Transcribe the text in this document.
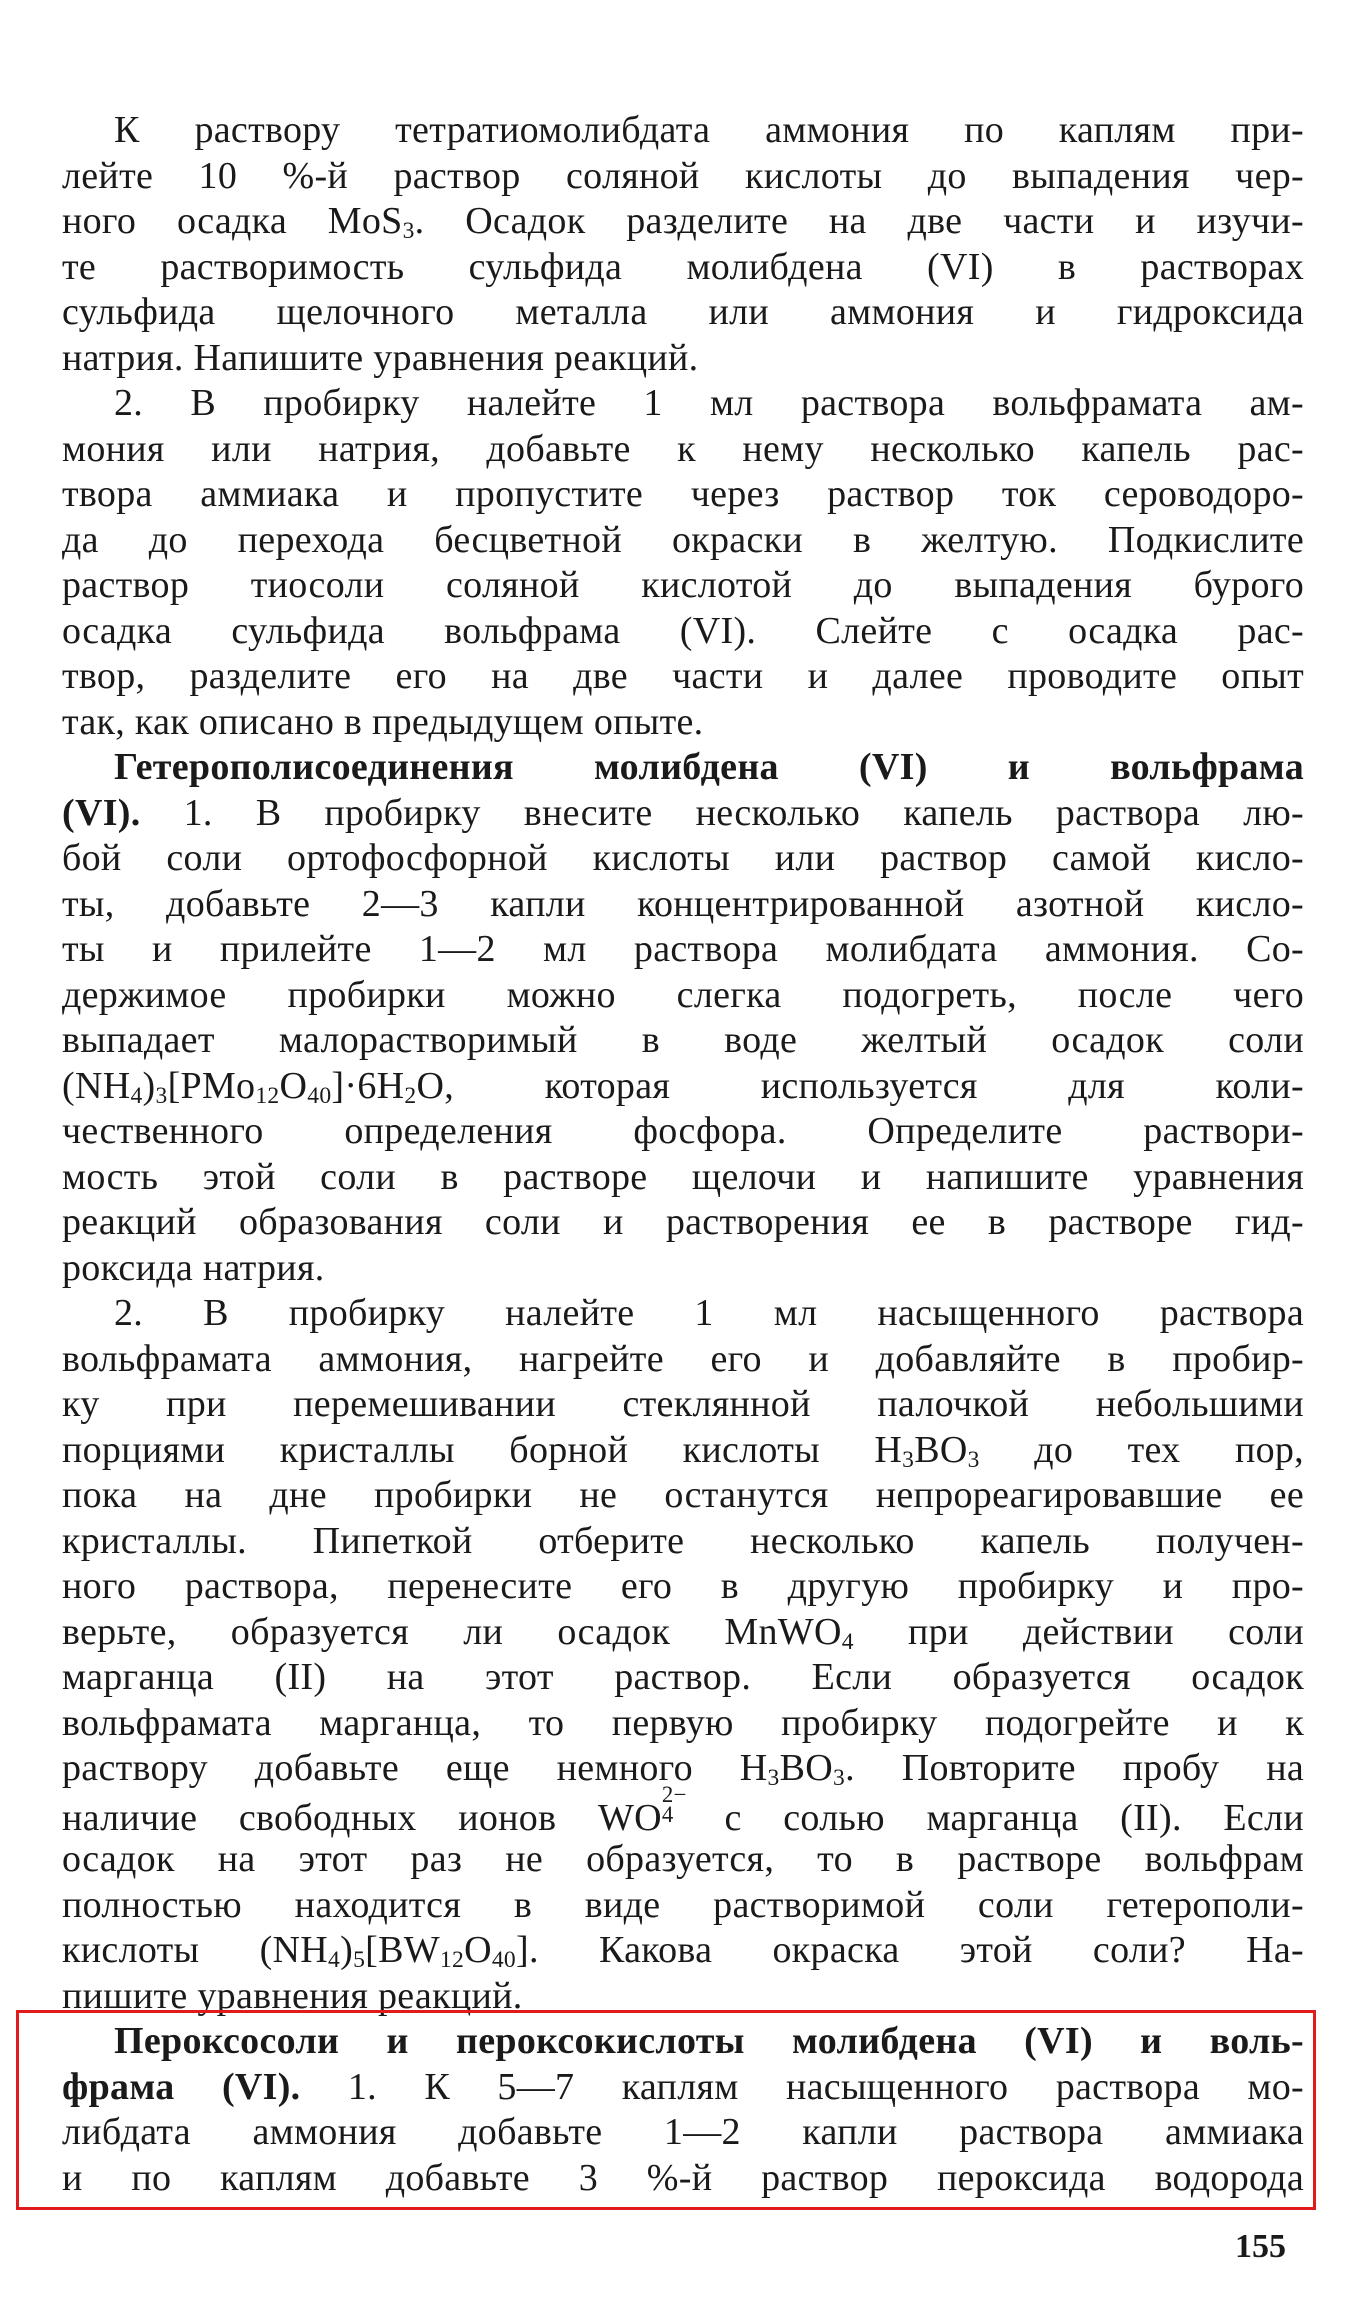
К раствору тетратиомолибдата аммония по каплям при-
лейте 10 %-й раствор соляной кислоты до выпадения чер-
ного осадка MoS$_3$. Осадок разделите на две части и изучи-
те растворимость сульфида молибдена (VI) в растворах
сульфида щелочного металла или аммония и гидроксида
натрия. Напишите уравнения реакций.
2. В пробирку налейте 1 мл раствора вольфрамата ам-
мония или натрия, добавьте к нему несколько капель рас-
твора аммиака и пропустите через раствор ток сероводоро-
да до перехода бесцветной окраски в желтую. Подкислите
раствор тиосоли соляной кислотой до выпадения бурого
осадка сульфида вольфрама (VI). Слейте с осадка рас-
твор, разделите его на две части и далее проводите опыт
так, как описано в предыдущем опыте.
Гетерополисоединения молибдена (VI) и вольфрама
(VI). 1. В пробирку внесите несколько капель раствора лю-
бой соли ортофосфорной кислоты или раствор самой кисло-
ты, добавьте 2—3 капли концентрированной азотной кисло-
ты и прилейте 1—2 мл раствора молибдата аммония. Со-
держимое пробирки можно слегка подогреть, после чего
выпадает малорастворимый в воде желтый осадок соли
$(NH_4)_3[PMo_{12}O_{40}]\cdot 6H_2O$, которая используется для коли-
чественного определения фосфора. Определите раствори-
мость этой соли в растворе щелочи и напишите уравнения
реакций образования соли и растворения ее в растворе гид-
роксида натрия.
2. В пробирку налейте 1 мл насыщенного раствора
вольфрамата аммония, нагрейте его и добавляйте в пробир-
ку при перемешивании стеклянной палочкой небольшими
порциями кристаллы борной кислоты $H_3BO_3$ до тех пор,
пока на дне пробирки не останутся непрореагировавшие ее
кристаллы. Пипеткой отберите несколько капель получен-
ного раствора, перенесите его в другую пробирку и про-
верьте, образуется ли осадок MnWO$_4$ при действии соли
марганца (II) на этот раствор. Если образуется осадок
вольфрамата марганца, то первую пробирку подогрейте и к
раствору добавьте еще немного $H_3BO_3$. Повторите пробу на
наличие свободных ионов WO
2−
4 с солью марганца (II). Если
осадок на этот раз не образуется, то в растворе вольфрам
полностью находится в виде растворимой соли гетерополи-
кислоты $(NH_4)_5[BW_{12}O_{40}]$. Какова окраска этой соли? На-
пишите уравнения реакций.
Пероксосоли и пероксокислоты молибдена (VI) и воль-
фрама (VI). 1. К 5—7 каплям насыщенного раствора мо-
либдата аммония добавьте 1—2 капли раствора аммиака
и по каплям добавьте 3 %-й раствор пероксида водорода
155
